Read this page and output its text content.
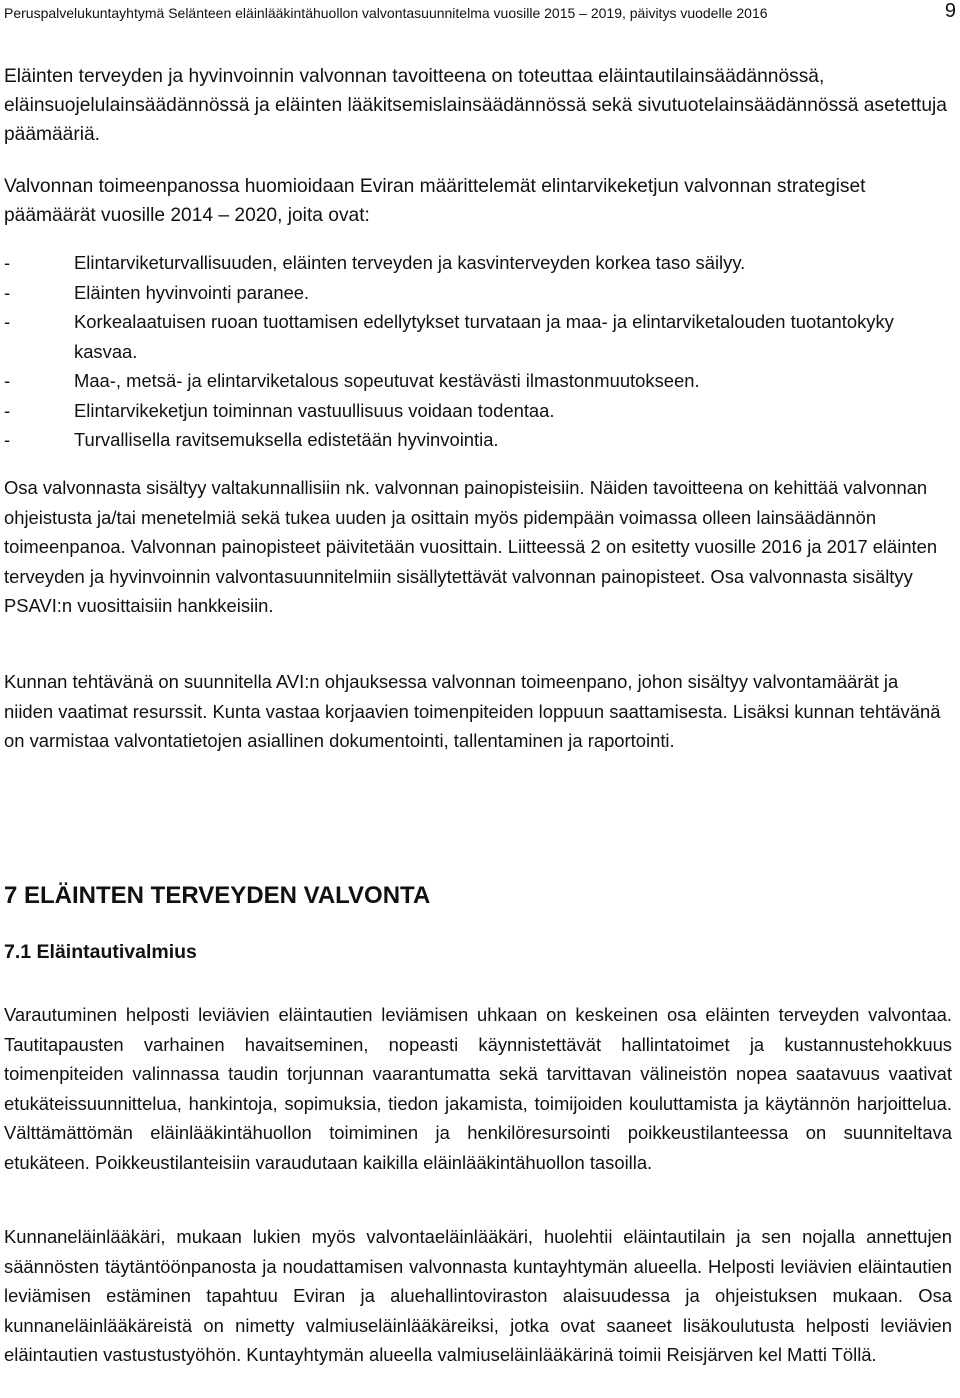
Peruspalvelukuntayhtymä Selänteen eläinlääkintähuollon valvontasuunnitelma vuosille 2015 – 2019, päivitys vuodelle 2016	9

Eläinten terveyden ja hyvinvoinnin valvonnan tavoitteena on toteuttaa eläintautilainsäädännössä, eläinsuojelulainsäädännössä ja eläinten lääkitsemislainsäädännössä sekä sivutuotelainsäädännössä asetettuja päämääriä.

Valvonnan toimeenpanossa huomioidaan Eviran määrittelemät elintarvikeketjun valvonnan strategiset päämäärät vuosille 2014 – 2020, joita ovat:

-	Elintarviketurvallisuuden, eläinten terveyden ja kasvinterveyden korkea taso säilyy.
-	Eläinten hyvinvointi paranee.
-	Korkealaatuisen ruoan tuottamisen edellytykset turvataan ja maa- ja elintarviketalouden tuotantokyky kasvaa.
-	Maa-, metsä- ja elintarviketalous sopeutuvat kestävästi ilmastonmuutokseen.
-	Elintarvikeketjun toiminnan vastuullisuus voidaan todentaa.
-	Turvallisella ravitsemuksella edistetään hyvinvointia.

Osa valvonnasta sisältyy valtakunnallisiin nk. valvonnan painopisteisiin. Näiden tavoitteena on kehittää valvonnan ohjeistusta ja/tai menetelmiä sekä tukea uuden ja osittain myös pidempään voimassa olleen lainsäädännön toimeenpanoa. Valvonnan painopisteet päivitetään vuosittain. Liitteessä 2 on esitetty vuosille 2016 ja 2017 eläinten terveyden ja hyvinvoinnin valvontasuunnitelmiin sisällytettävät valvonnan painopisteet. Osa valvonnasta sisältyy PSAVI:n vuosittaisiin hankkeisiin.

Kunnan tehtävänä on suunnitella AVI:n ohjauksessa valvonnan toimeenpano, johon sisältyy valvontamäärät ja niiden vaatimat resurssit. Kunta vastaa korjaavien toimenpiteiden loppuun saattamisesta. Lisäksi kunnan tehtävänä on varmistaa valvontatietojen asiallinen dokumentointi, tallentaminen ja raportointi.

7 ELÄINTEN TERVEYDEN VALVONTA
7.1 Eläintautivalmius

Varautuminen helposti leviävien eläintautien leviämisen uhkaan on keskeinen osa eläinten terveyden valvontaa. Tautitapausten varhainen havaitseminen, nopeasti käynnistettävät hallintatoimet ja kustannustehokkuus toimenpiteiden valinnassa taudin torjunnan vaarantumatta sekä tarvittavan välineistön nopea saatavuus vaativat etukäteissuunnittelua, hankintoja, sopimuksia, tiedon jakamista, toimijoiden kouluttamista ja käytännön harjoittelua. Välttämättömän eläinlääkintähuollon toimiminen ja henkilöresursointi poikkeustilanteessa on suunniteltava etukäteen. Poikkeustilanteisiin varaudutaan kaikilla eläinlääkintähuollon tasoilla.

Kunnaneläinlääkäri, mukaan lukien myös valvontaeläinlääkäri, huolehtii eläintautilain ja sen nojalla annettujen säännösten täytäntöönpanosta ja noudattamisen valvonnasta kuntayhtymän alueella. Helposti leviävien eläintautien leviämisen estäminen tapahtuu Eviran ja aluehallintoviraston alaisuudessa ja ohjeistuksen mukaan. Osa kunnaneläinlääkäreistä on nimetty valmiuseläinlääkäreiksi, jotka ovat saaneet lisäkoulutusta helposti leviävien eläintautien vastustustyöhön. Kuntayhtymän alueella valmiuseläinlääkärinä toimii Reisjärven kel Matti Töllä.
